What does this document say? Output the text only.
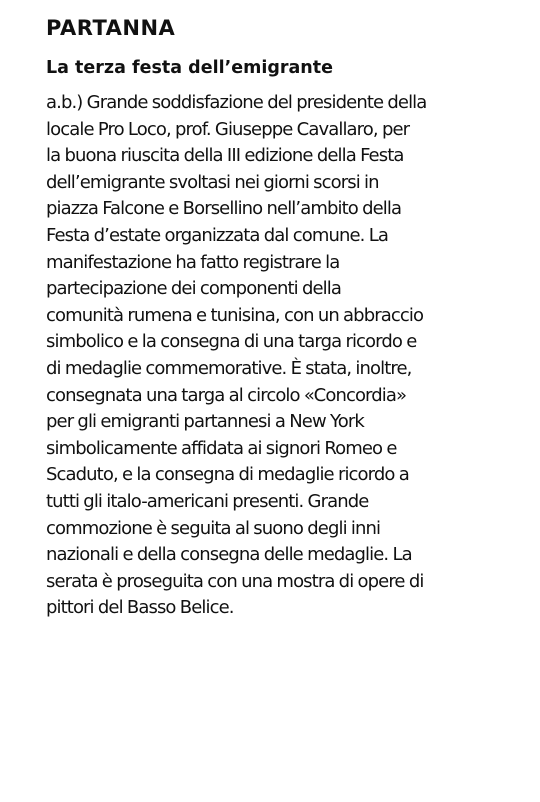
PARTANNA
La terza festa dell’emigrante

a.b.) Grande soddisfazione del presidente della
locale Pro Loco, prof. Giuseppe Cavallaro, per
la buona riuscita della III edizione della Festa
dell’emigrante svoltasi nei giorni scorsi in
piazza Falcone e Borsellino nell’ambito della
Festa d’estate organizzata dal comune. La
manifestazione ha fatto registrare la
partecipazione dei componenti della
comunità rumena e tunisina, con un abbraccio
simbolico e la consegna di una targa ricordo e
di medaglie commemorative. È stata, inoltre,
consegnata una targa al circolo «Concordia»
per gli emigranti partannesi a New York
simbolicamente affidata ai signori Romeo e
Scaduto, e la consegna di medaglie ricordo a
tutti gli italo-americani presenti. Grande
commozione è seguita al suono degli inni
nazionali e della consegna delle medaglie. La
serata è proseguita con una mostra di opere di
pittori del Basso Belice.
